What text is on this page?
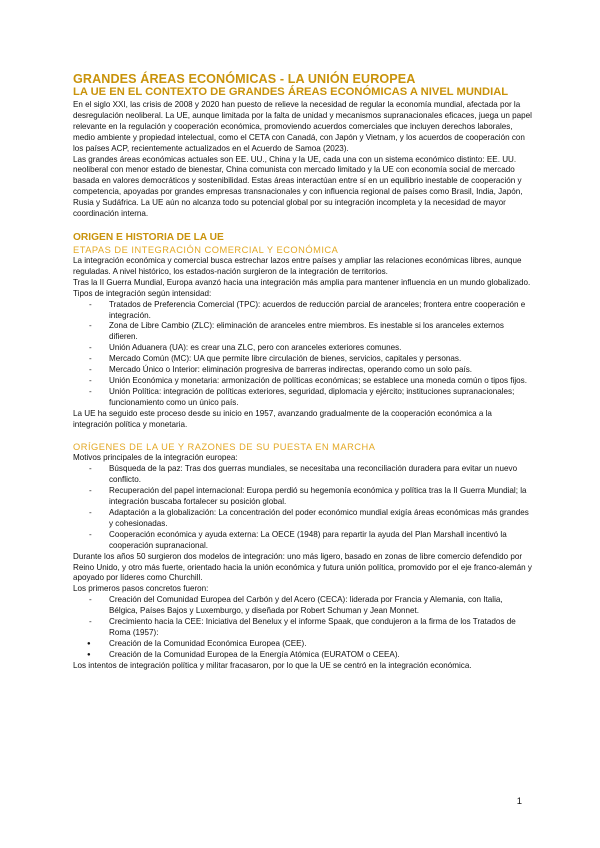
GRANDES ÁREAS ECONÓMICAS - LA UNIÓN EUROPEA

LA UE EN EL CONTEXTO DE GRANDES ÁREAS ECONÓMICAS A NIVEL MUNDIAL

En el siglo XXI, las crisis de 2008 y 2020 han puesto de relieve la necesidad de regular la economía mundial, afectada por la desregulación neoliberal. La UE, aunque limitada por la falta de unidad y mecanismos supranacionales eficaces, juega un papel relevante en la regulación y cooperación económica, promoviendo acuerdos comerciales que incluyen derechos laborales, medio ambiente y propiedad intelectual, como el CETA con Canadá, con Japón y Vietnam, y los acuerdos de cooperación con los países ACP, recientemente actualizados en el Acuerdo de Samoa (2023).

Las grandes áreas económicas actuales son EE. UU., China y la UE, cada una con un sistema económico distinto: EE. UU. neoliberal con menor estado de bienestar, China comunista con mercado limitado y la UE con economía social de mercado basada en valores democráticos y sostenibilidad. Estas áreas interactúan entre sí en un equilibrio inestable de cooperación y competencia, apoyadas por grandes empresas transnacionales y con influencia regional de países como Brasil, India, Japón, Rusia y Sudáfrica. La UE aún no alcanza todo su potencial global por su integración incompleta y la necesidad de mayor coordinación interna.

ORIGEN E HISTORIA DE LA UE

ETAPAS DE INTEGRACIÓN COMERCIAL Y ECONÓMICA

La integración económica y comercial busca estrechar lazos entre países y ampliar las relaciones económicas libres, aunque reguladas. A nivel histórico, los estados-nación surgieron de la integración de territorios.

Tras la II Guerra Mundial, Europa avanzó hacia una integración más amplia para mantener influencia en un mundo globalizado.

Tipos de integración según intensidad:

- Tratados de Preferencia Comercial (TPC): acuerdos de reducción parcial de aranceles; frontera entre cooperación e integración.
- Zona de Libre Cambio (ZLC): eliminación de aranceles entre miembros. Es inestable si los aranceles externos difieren.
- Unión Aduanera (UA): es crear una ZLC, pero con aranceles exteriores comunes.
- Mercado Común (MC): UA que permite libre circulación de bienes, servicios, capitales y personas.
- Mercado Único o Interior: eliminación progresiva de barreras indirectas, operando como un solo país.
- Unión Económica y monetaria: armonización de políticas económicas; se establece una moneda común o tipos fijos.
- Unión Política: integración de políticas exteriores, seguridad, diplomacia y ejército; instituciones supranacionales; funcionamiento como un único país.

La UE ha seguido este proceso desde su inicio en 1957, avanzando gradualmente de la cooperación económica a la integración política y monetaria.

ORÍGENES DE LA UE Y RAZONES DE SU PUESTA EN MARCHA

Motivos principales de la integración europea:

- Búsqueda de la paz: Tras dos guerras mundiales, se necesitaba una reconciliación duradera para evitar un nuevo conflicto.
- Recuperación del papel internacional: Europa perdió su hegemonía económica y política tras la II Guerra Mundial; la integración buscaba fortalecer su posición global.
- Adaptación a la globalización: La concentración del poder económico mundial exigía áreas económicas más grandes y cohesionadas.
- Cooperación económica y ayuda externa: La OECE (1948) para repartir la ayuda del Plan Marshall incentivó la cooperación supranacional.

Durante los años 50 surgieron dos modelos de integración: uno más ligero, basado en zonas de libre comercio defendido por Reino Unido, y otro más fuerte, orientado hacia la unión económica y futura unión política, promovido por el eje franco-alemán y apoyado por líderes como Churchill.

Los primeros pasos concretos fueron:

- Creación del Comunidad Europea del Carbón y del Acero (CECA): liderada por Francia y Alemania, con Italia, Bélgica, Países Bajos y Luxemburgo, y diseñada por Robert Schuman y Jean Monnet.
- Crecimiento hacia la CEE: Iniciativa del Benelux y el informe Spaak, que condujeron a la firma de los Tratados de Roma (1957):
● Creación de la Comunidad Económica Europea (CEE).
● Creación de la Comunidad Europea de la Energía Atómica (EURATOM o CEEA).

Los intentos de integración política y militar fracasaron, por lo que la UE se centró en la integración económica.

1
